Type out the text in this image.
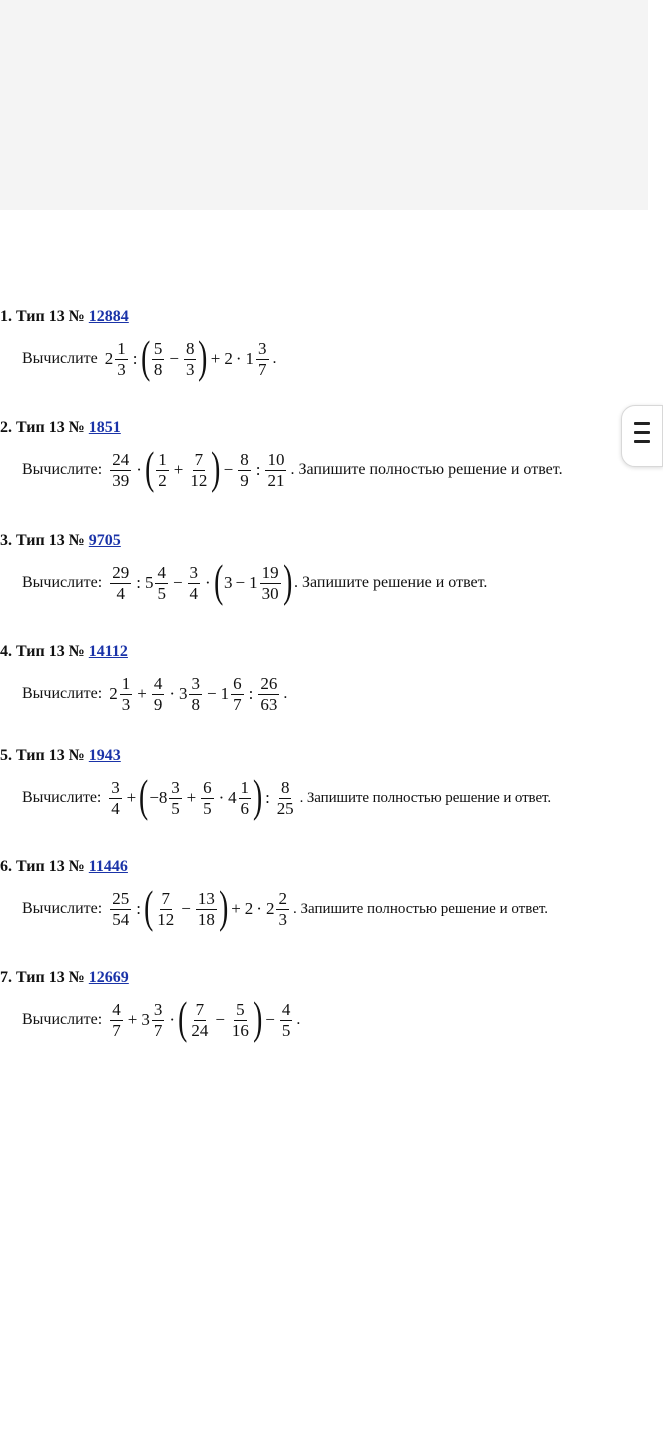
1. Тип 13 № 12884
Вычислите $2 \frac{1}{3}$ : ( $\frac{5}{8} - \frac{8}{3}$ ) + $2 \cdot 1 \frac{3}{7}$ .
2. Тип 13 № 1851
Вычислите: $\frac{24}{39}$ · ( $\frac{1}{2} + \frac{7}{12}$ ) − $\frac{8}{9}$ : $\frac{10}{21}$ . Запишите полностью решение и ответ.
3. Тип 13 № 9705
Вычислите: $\frac{29}{4}$ : $5 \frac{4}{5} - \frac{3}{4}$ · ( $3 - 1 \frac{19}{30}$ ) . Запишите решение и ответ.
4. Тип 13 № 14112
Вычислите: $2 \frac{1}{3} + \frac{4}{9} \cdot 3 \frac{3}{8} - 1 \frac{6}{7}$ : $\frac{26}{63}$ .
5. Тип 13 № 1943
Вычислите: $\frac{3}{4}$ + ( $-8 \frac{3}{5} + \frac{6}{5} \cdot 4 \frac{1}{6}$ ) : $\frac{8}{25}$ . Запишите полностью решение и ответ.
6. Тип 13 № 11446
Вычислите: $\frac{25}{54}$ : ( $\frac{7}{12} - \frac{13}{18}$ ) + $2 \cdot 2 \frac{2}{3}$ . Запишите полностью решение и ответ.
7. Тип 13 № 12669
Вычислите: $\frac{4}{7} + 3 \frac{3}{7}$ · ( $\frac{7}{24} - \frac{5}{16}$ ) − $\frac{4}{5}$ .
